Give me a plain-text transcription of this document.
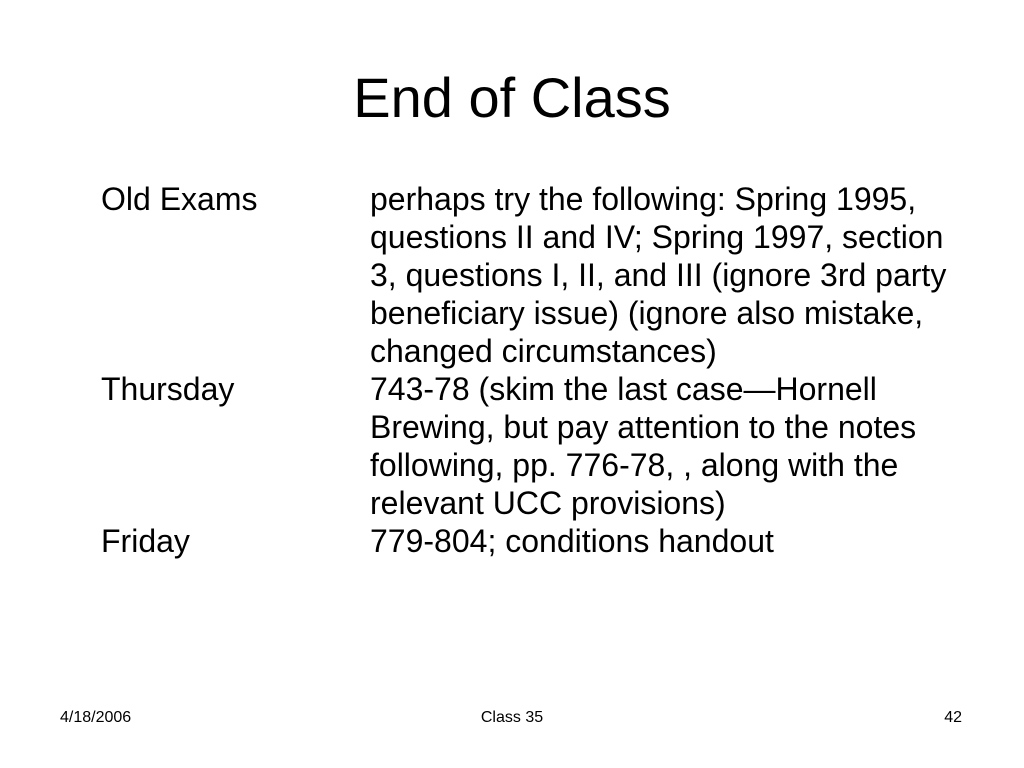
End of Class
Old Exams	perhaps try the following: Spring 1995, questions II and IV; Spring 1997, section 3, questions I, II, and III (ignore 3rd party beneficiary issue) (ignore also mistake, changed circumstances)
Thursday	743-78 (skim the last case—Hornell Brewing, but pay attention to the notes following, pp. 776-78, , along with the relevant UCC provisions)
Friday	779-804; conditions handout
4/18/2006	Class 35	42
